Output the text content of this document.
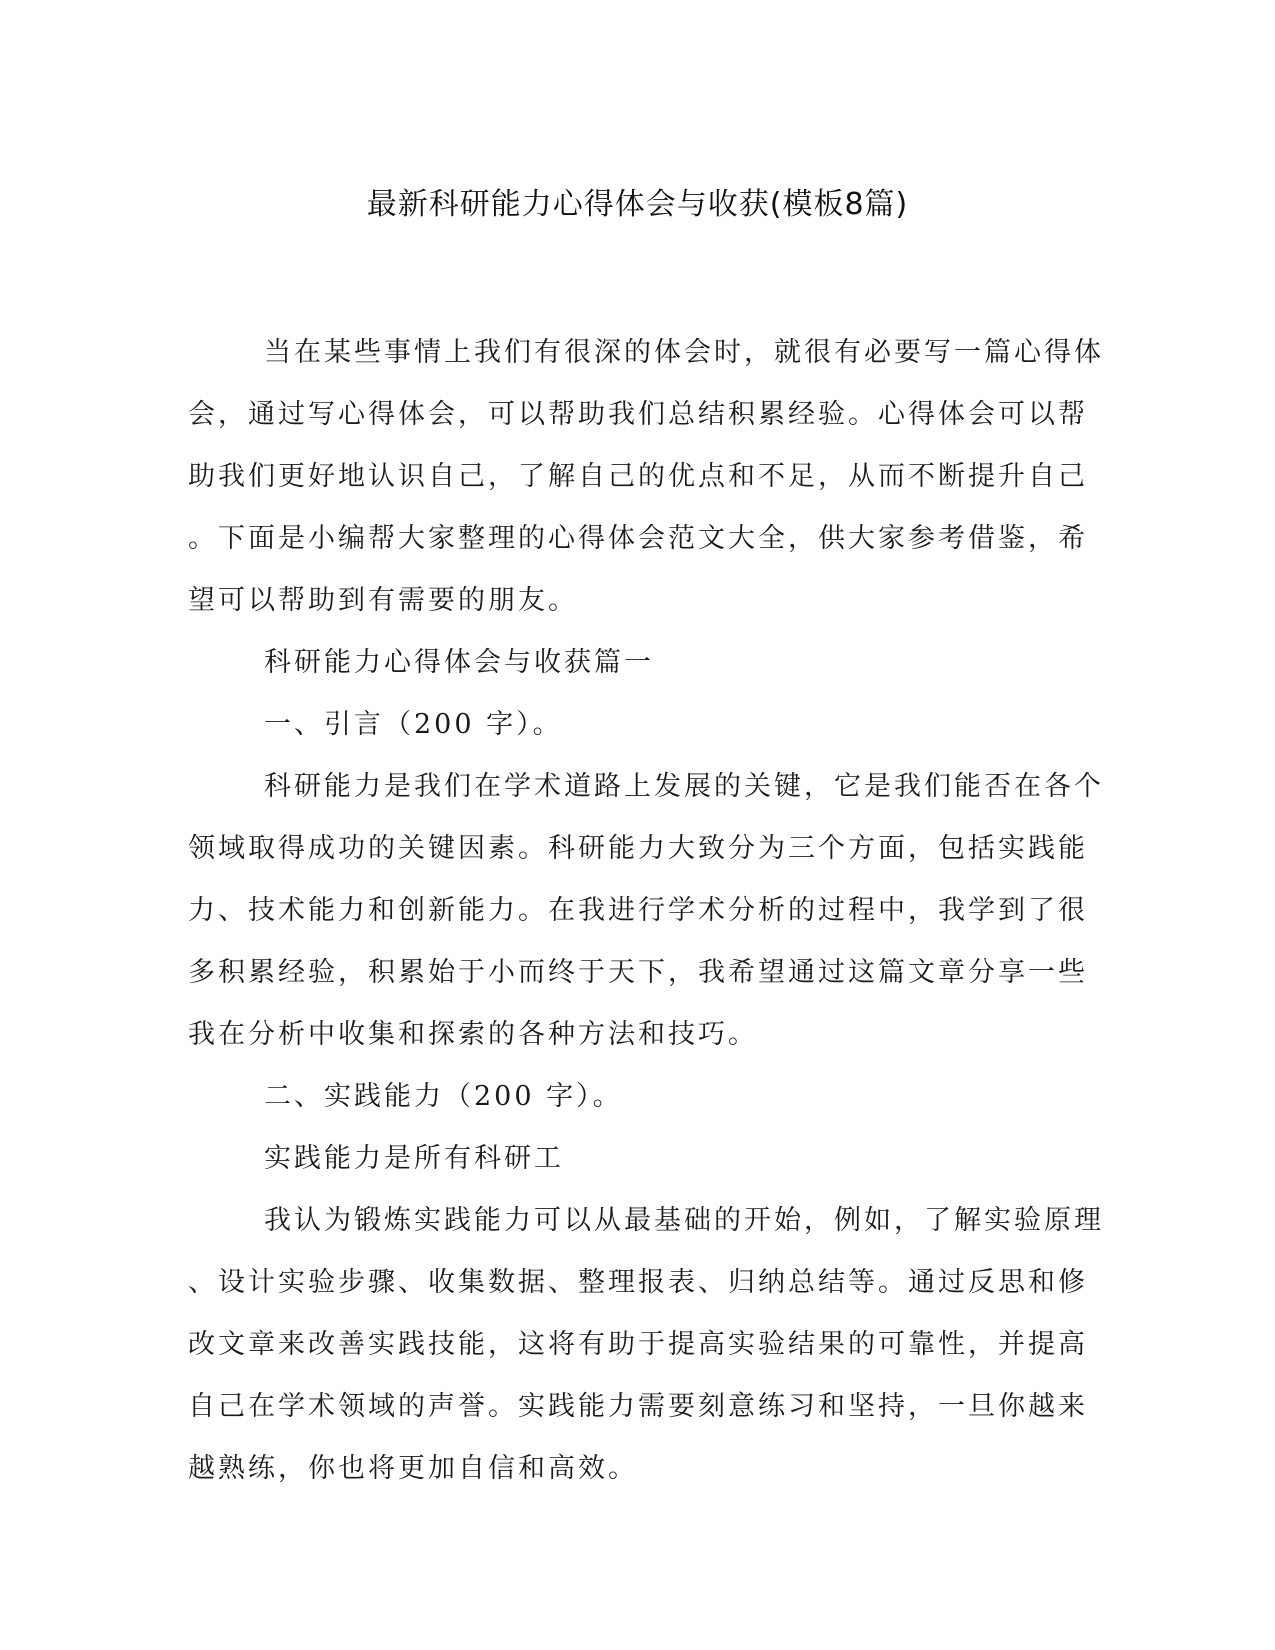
最新科研能力心得体会与收获(模板8篇)
当在某些事情上我们有很深的体会时，就很有必要写一篇心得体
会，通过写心得体会，可以帮助我们总结积累经验。心得体会可以帮
助我们更好地认识自己，了解自己的优点和不足，从而不断提升自己
。下面是小编帮大家整理的心得体会范文大全，供大家参考借鉴，希
望可以帮助到有需要的朋友。
科研能力心得体会与收获篇一
一、引言（200 字）。
科研能力是我们在学术道路上发展的关键，它是我们能否在各个
领域取得成功的关键因素。科研能力大致分为三个方面，包括实践能
力、技术能力和创新能力。在我进行学术分析的过程中，我学到了很
多积累经验，积累始于小而终于天下，我希望通过这篇文章分享一些
我在分析中收集和探索的各种方法和技巧。
二、实践能力（200 字）。
实践能力是所有科研工
我认为锻炼实践能力可以从最基础的开始，例如，了解实验原理
、设计实验步骤、收集数据、整理报表、归纳总结等。通过反思和修
改文章来改善实践技能，这将有助于提高实验结果的可靠性，并提高
自己在学术领域的声誉。实践能力需要刻意练习和坚持，一旦你越来
越熟练，你也将更加自信和高效。
